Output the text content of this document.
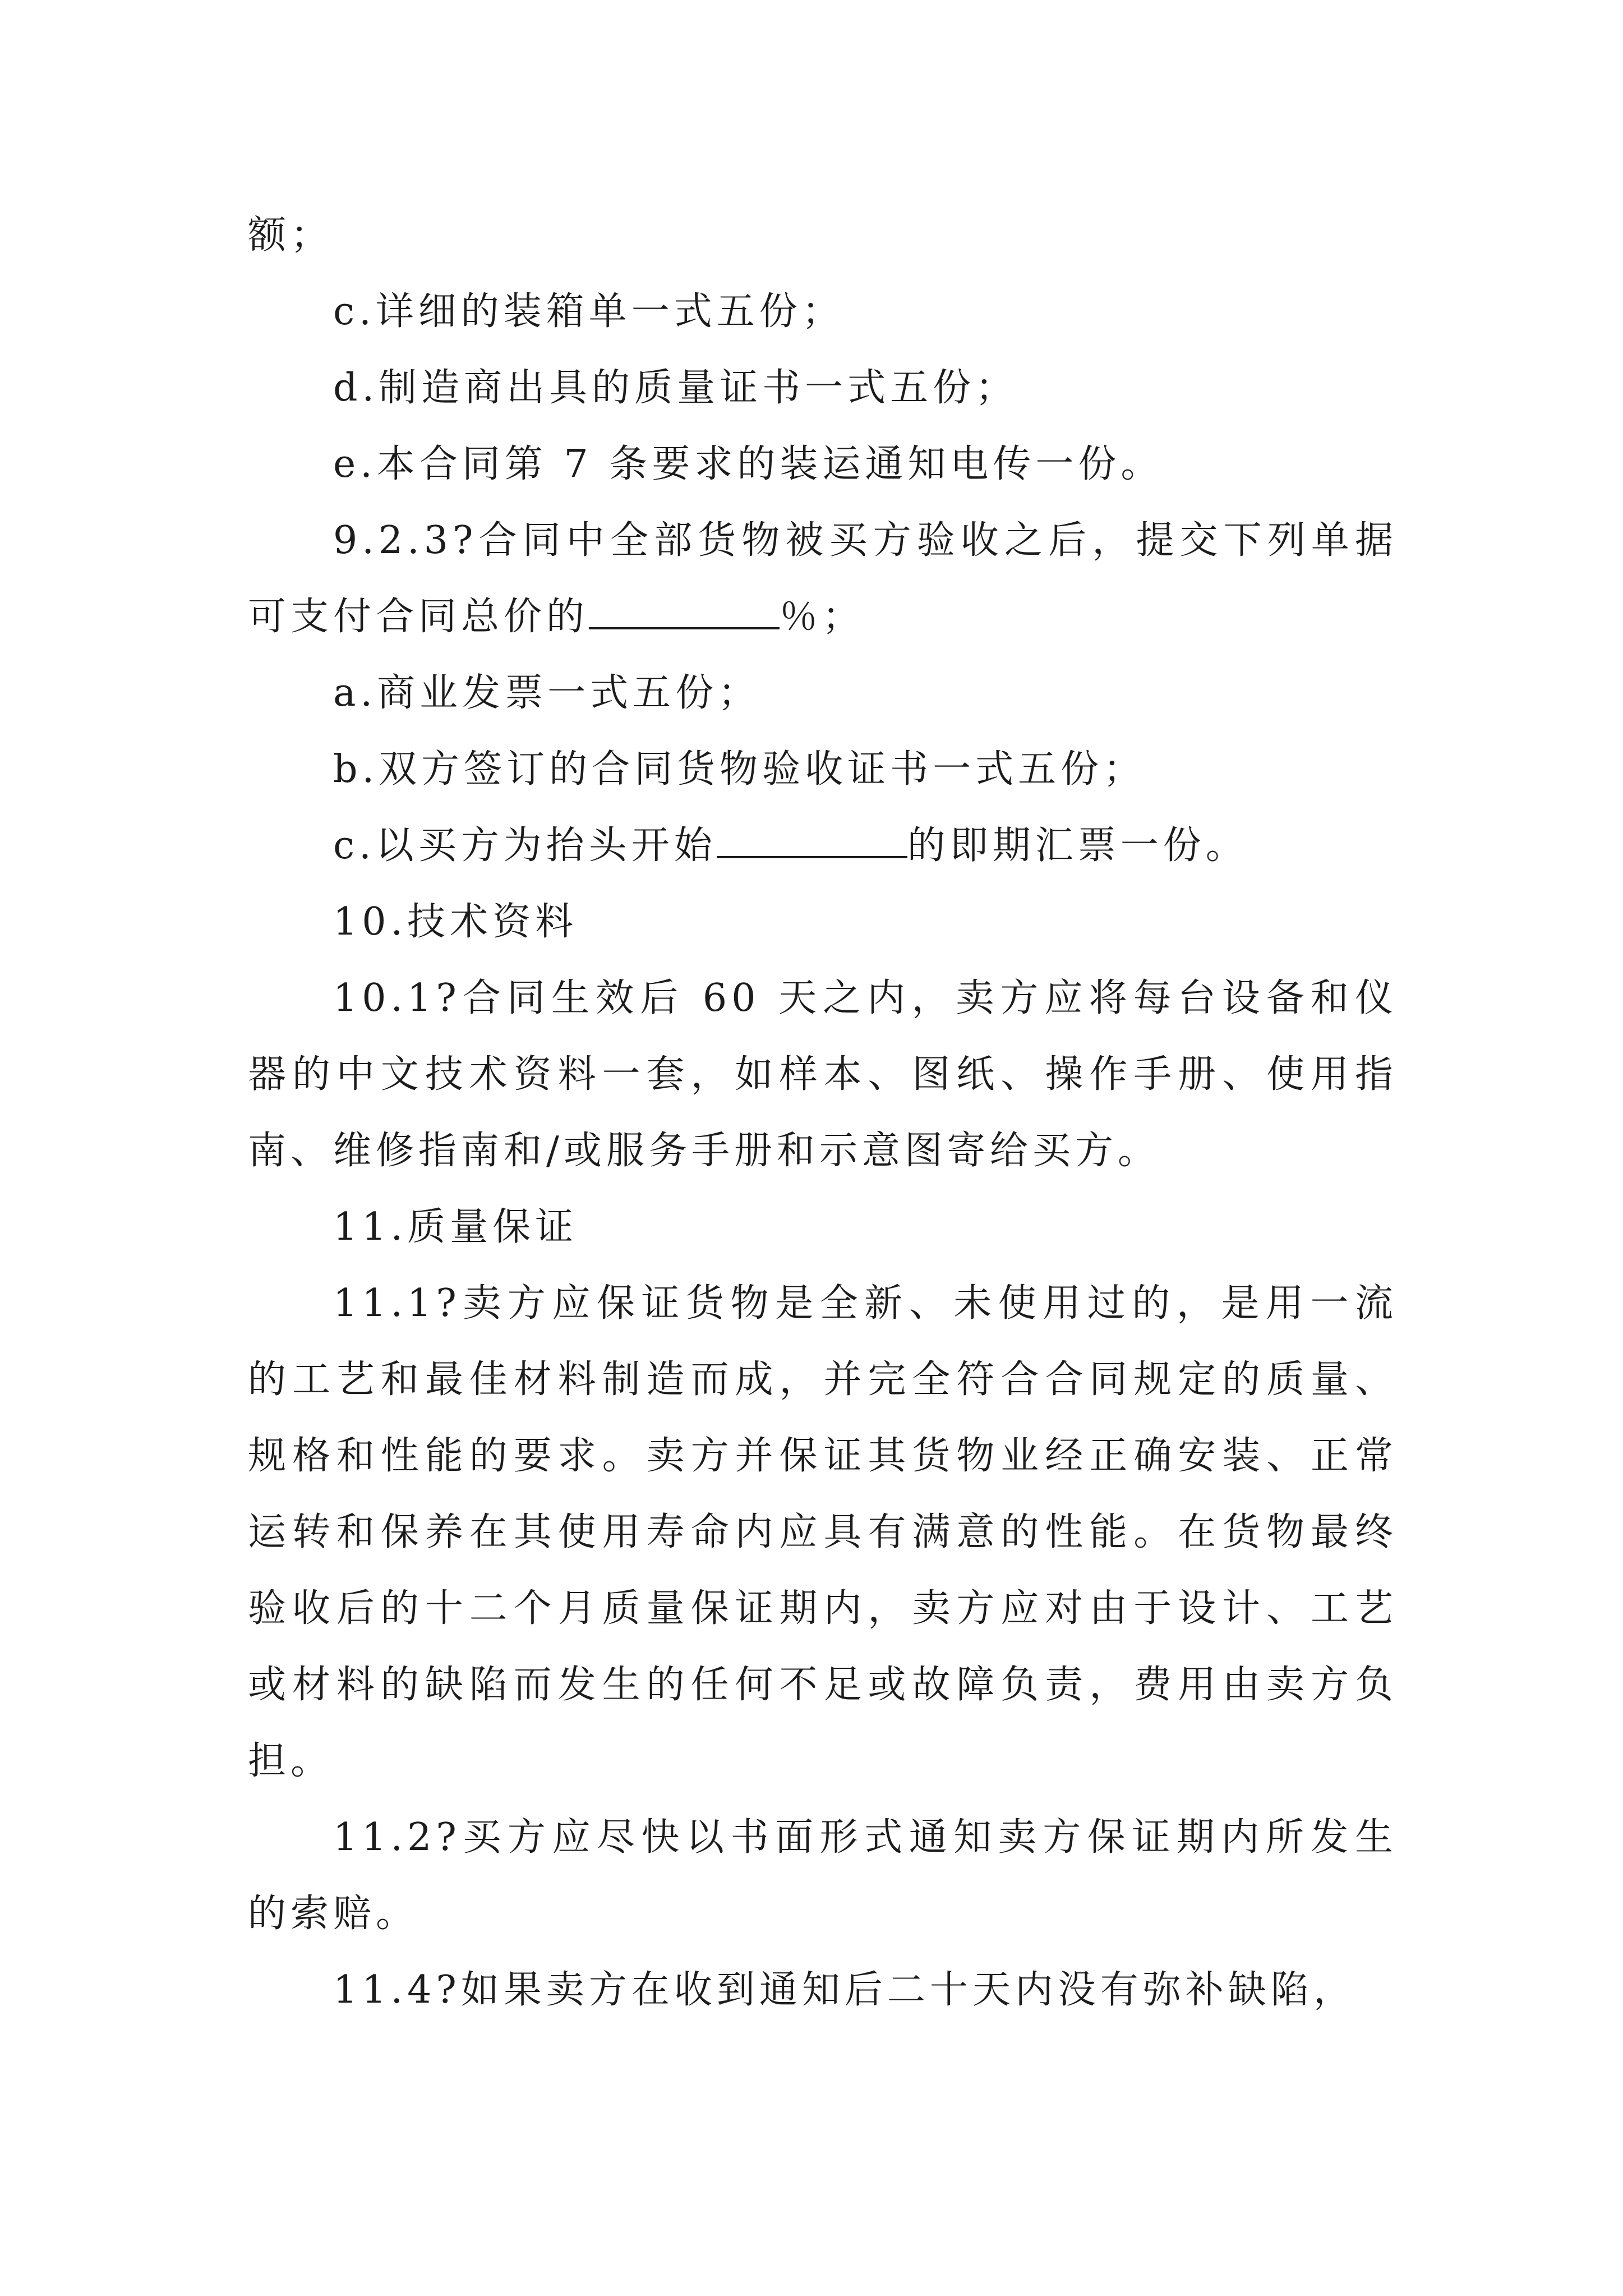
额；

c.详细的装箱单一式五份；

d.制造商出具的质量证书一式五份；

e.本合同第 7 条要求的装运通知电传一份。

9.2.3?合同中全部货物被买方验收之后，提交下列单据可支付合同总价的	％；

a.商业发票一式五份；

b.双方签订的合同货物验收证书一式五份；

c.以买方为抬头开始	的即期汇票一份。

10.技术资料

10.1?合同生效后 60 天之内，卖方应将每台设备和仪器的中文技术资料一套，如样本、图纸、操作手册、使用指南、维修指南和/或服务手册和示意图寄给买方。

11.质量保证

11.1?卖方应保证货物是全新、未使用过的，是用一流的工艺和最佳材料制造而成，并完全符合合同规定的质量、规格和性能的要求。卖方并保证其货物业经正确安装、正常运转和保养在其使用寿命内应具有满意的性能。在货物最终验收后的十二个月质量保证期内，卖方应对由于设计、工艺或材料的缺陷而发生的任何不足或故障负责，费用由卖方负担。

11.2?买方应尽快以书面形式通知卖方保证期内所发生的索赔。

11.4?如果卖方在收到通知后二十天内没有弥补缺陷，
